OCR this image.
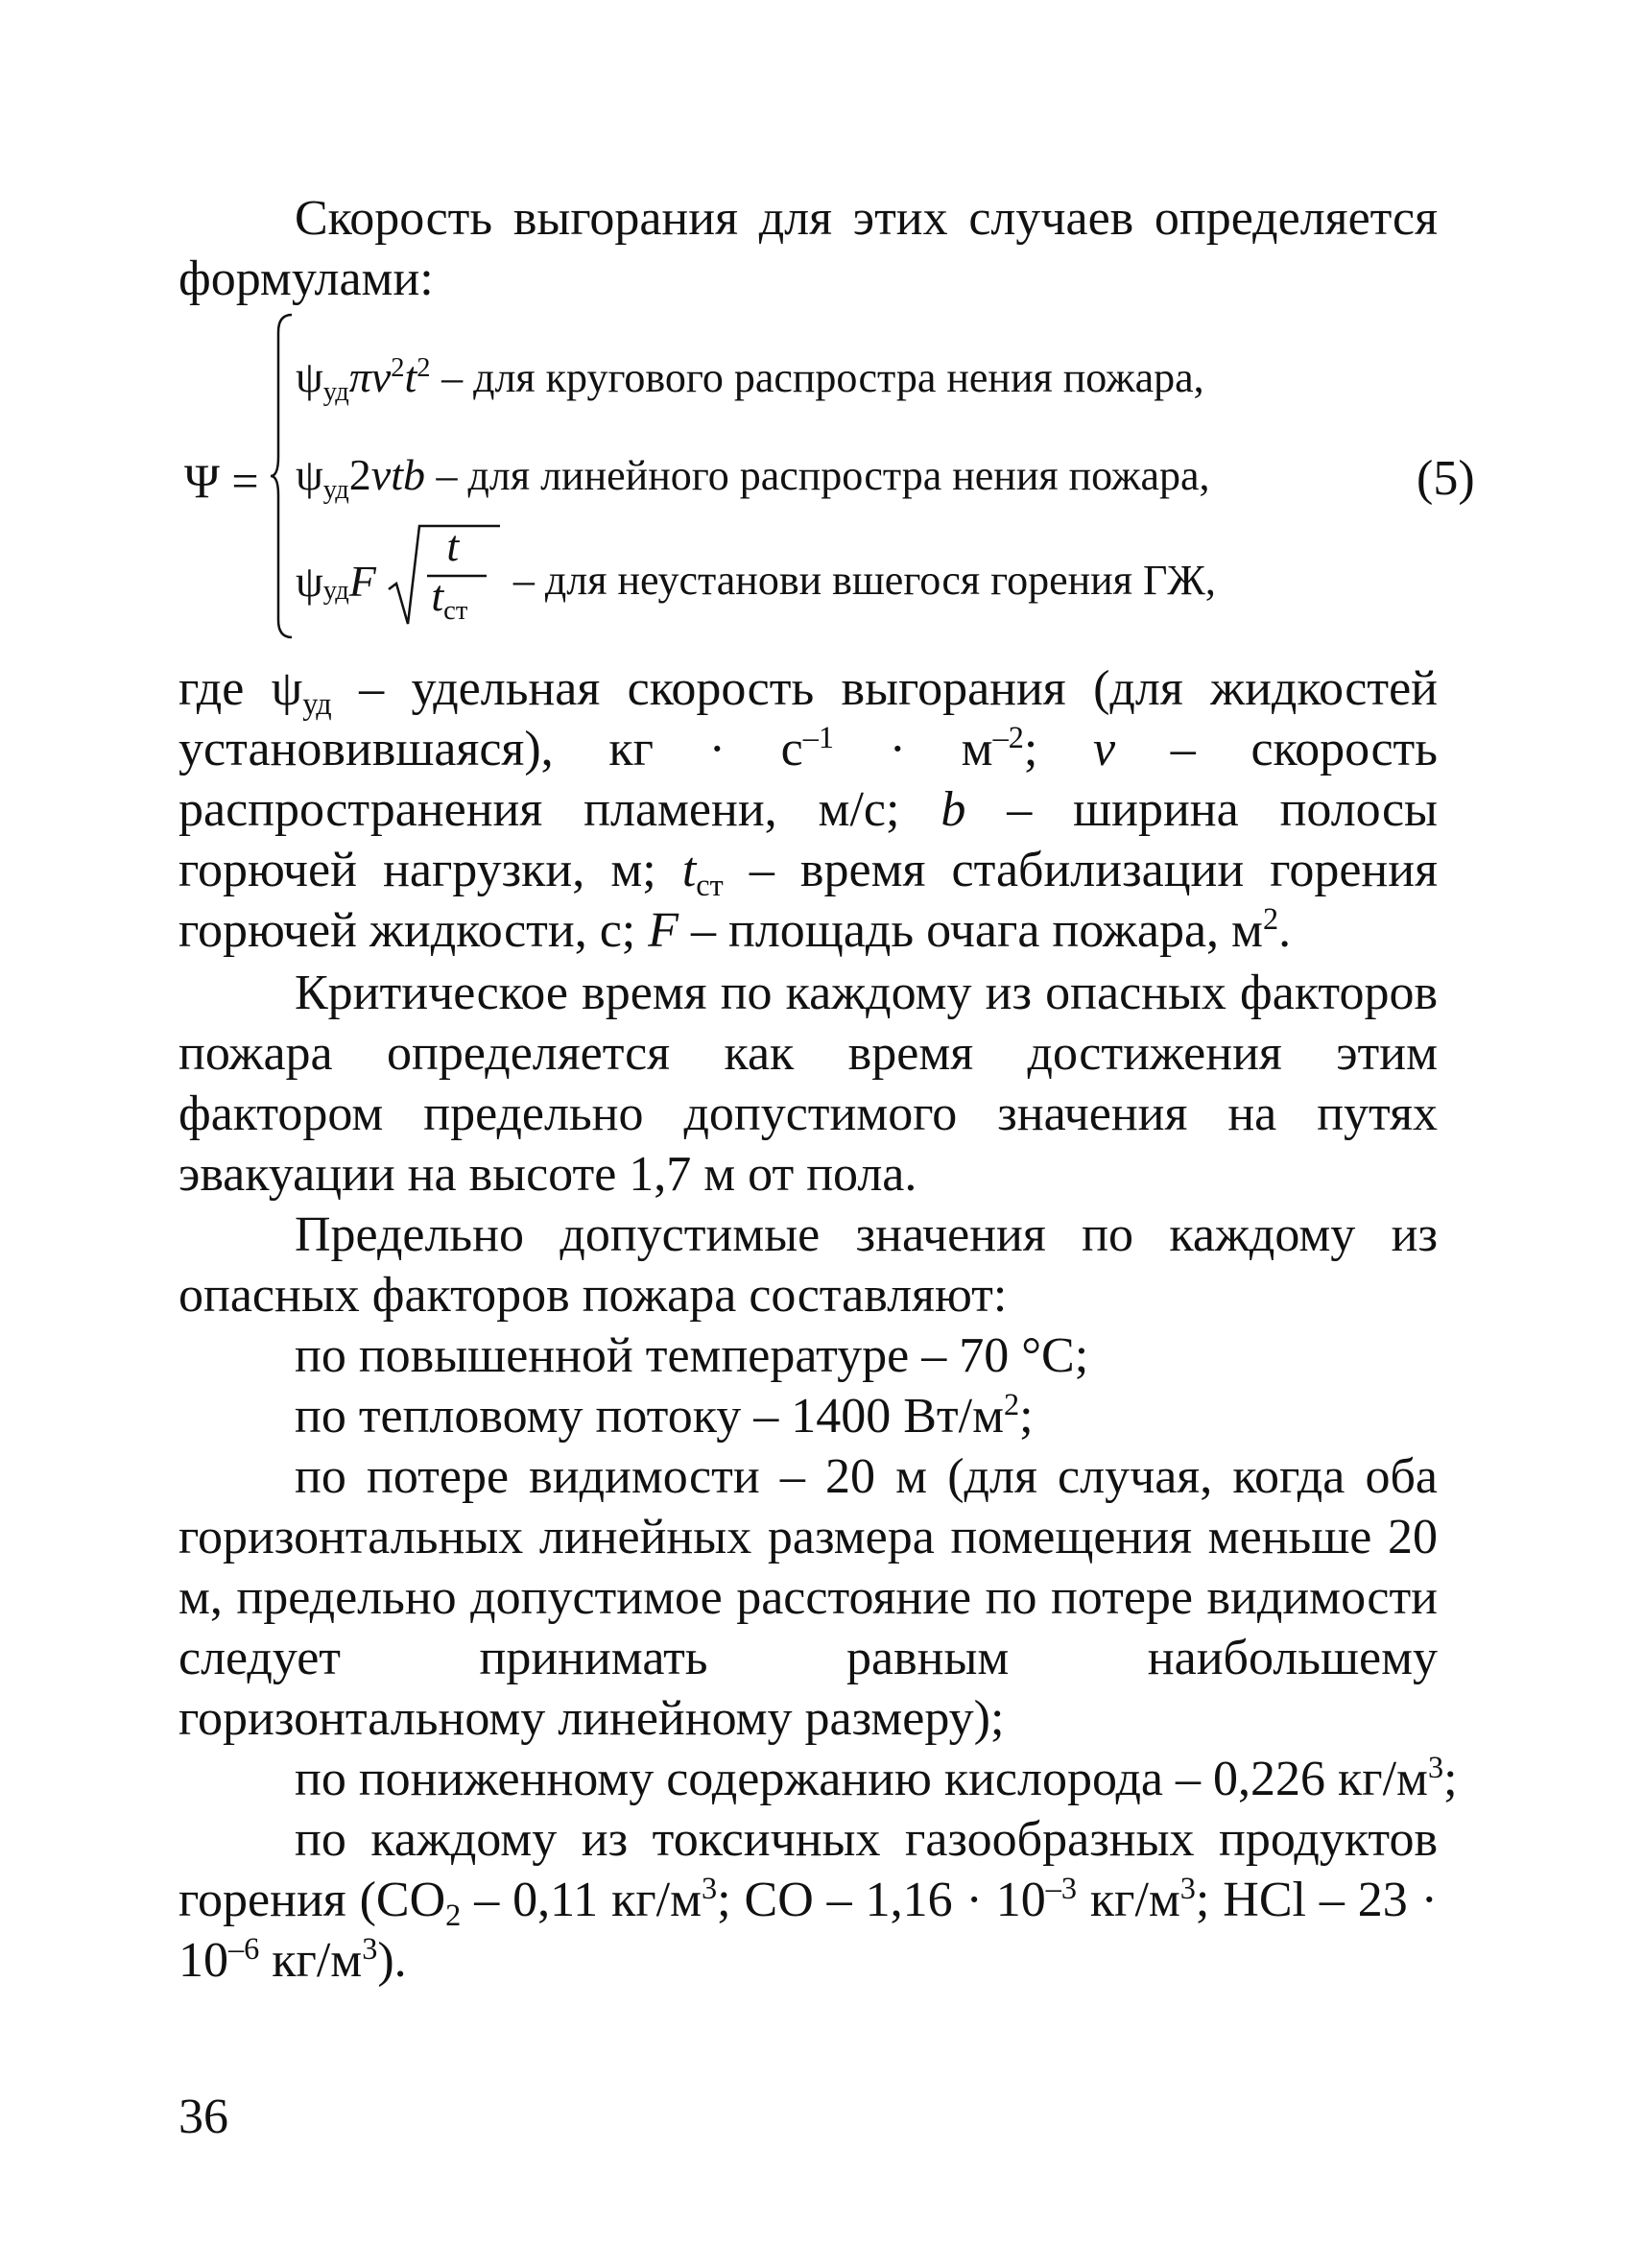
Скорость выгорания для этих случаев определяется формулами:

Ψ =
$\psi_{уд}\pi v^2t^2$ – для кругового распростра нения пожара,
$\psi_{уд}2vtb$ – для линейного распростра нения пожара,
$\psi_{уд}F$
t
$t_{ст}$
– для неустанови вшегося горения ГЖ,
(5)

где $\psi_{уд}$ – удельная скорость выгорания (для жидкостей установившаяся), кг · $с^{-1} \cdot м^{-2}$; v – скорость распространения пламени, м/с; b – ширина полосы горючей нагрузки, м; $t_{ст}$ – время стабилизации горения горючей жидкости, с; F – площадь очага пожара, $м^2$.

Критическое время по каждому из опасных факторов пожара определяется как время достижения этим фактором предельно допустимого значения на путях эвакуации на высоте 1,7 м от пола.

Предельно допустимые значения по каждому из опасных факторов пожара составляют:

по повышенной температуре – 70 °С;
по тепловому потоку – 1400 $Вт/м^2$;

по потере видимости – 20 м (для случая, когда оба горизонтальных линейных размера помещения меньше 20 м, предельно допустимое расстояние по потере видимости следует принимать равным наибольшему горизонтальному линейному размеру);

по пониженному содержанию кислорода – 0,226 $кг/м^3$;

по каждому из токсичных газообразных продуктов горения ($СО_2 - 0,11$ $кг/м^3$; СО – $1,16 \cdot 10^{-3}$ $кг/м^3$; НСl – $23 \cdot 10^{-6}$ $кг/м^3$).

36
